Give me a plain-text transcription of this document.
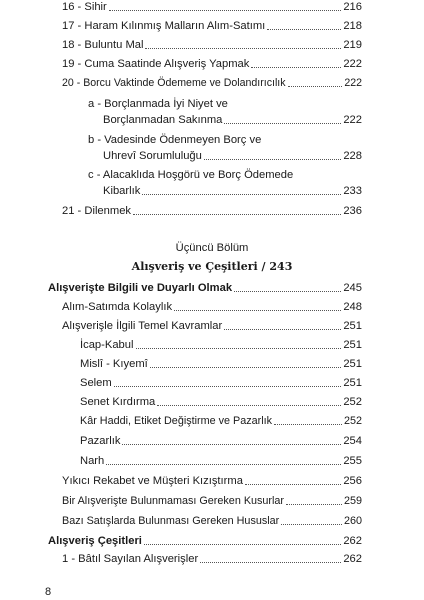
16 - Sihir	216
17 - Haram Kılınmış Malların Alım-Satımı	218
18 - Buluntu Mal	219
19 - Cuma Saatinde Alışveriş Yapmak	222
20 - Borcu Vaktinde Ödememe ve Dolandırıcılık	222
a - Borçlanmada İyi Niyet ve
Borçlanmadan Sakınma	222
b - Vadesinde Ödenmeyen Borç ve
Uhrevî Sorumluluğu	228
c - Alacaklıda Hoşgörü ve Borç Ödemede
Kibarlık	233
21 - Dilenmek	236
Üçüncü Bölüm
Alışveriş ve Çeşitleri / 243
Alışverişte Bilgili ve Duyarlı Olmak	245
Alım-Satımda Kolaylık	248
Alışverişle İlgili Temel Kavramlar	251
İcap-Kabul	251
Mislî - Kıyemî	251
Selem	251
Senet Kırdırma	252
Kâr Haddi, Etiket Değiştirme ve Pazarlık	252
Pazarlık	254
Narh	255
Yıkıcı Rekabet ve Müşteri Kızıştırma	256
Bir Alışverişte Bulunmaması Gereken Kusurlar	259
Bazı Satışlarda Bulunması Gereken Hususlar	260
Alışveriş Çeşitleri	262
1 - Bâtıl Sayılan Alışverişler	262
8
